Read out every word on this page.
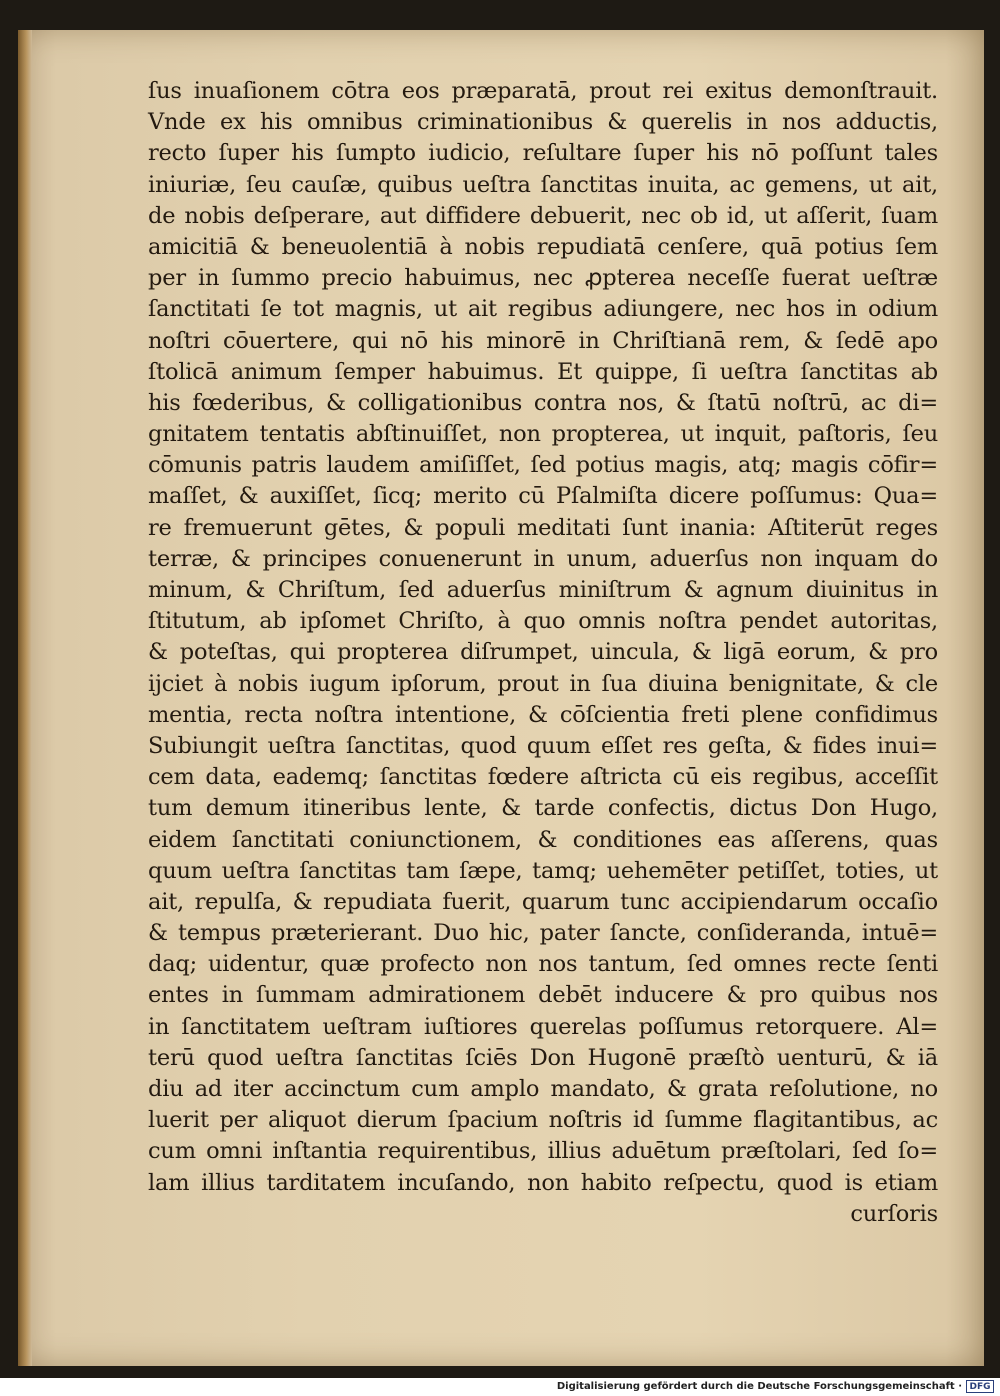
ſus inuaſionem cōtra eos præparatā, prout rei exitus demonſtrauit.
Vnde ex his omnibus criminationibus & querelis in nos adductis,
recto ſuper his ſumpto iudicio, reſultare ſuper his nō poſſunt tales
iniuriæ, ſeu cauſæ, quibus ueſtra ſanctitas inuita, ac gemens, ut ait,
de nobis deſperare, aut diffidere debuerit, nec ob id, ut aſſerit, ſuam
amicitiā & beneuolentiā à nobis repudiatā cenſere, quā potius ſem
per in ſummo precio habuimus, nec ꝓpterea neceſſe fuerat ueſtræ
ſanctitati ſe tot magnis, ut ait regibus adiungere, nec hos in odium
noſtri cōuertere, qui nō his minorē in Chriſtianā rem, & ſedē apo
ſtolicā animum ſemper habuimus. Et quippe, ſi ueſtra ſanctitas ab
his fœderibus, & colligationibus contra nos, & ſtatū noſtrū, ac di=
gnitatem tentatis abſtinuiſſet, non propterea, ut inquit, paſtoris, ſeu
cōmunis patris laudem amiſiſſet, ſed potius magis, atq; magis cōfir=
maſſet, & auxiſſet, ſicq; merito cū Pſalmiſta dicere poſſumus: Qua=
re fremuerunt gētes, & populi meditati ſunt inania: Aſtiterūt reges
terræ, & principes conuenerunt in unum, aduerſus non inquam do
minum, & Chriſtum, ſed aduerſus miniſtrum & agnum diuinitus in
ſtitutum, ab ipſomet Chriſto, à quo omnis noſtra pendet autoritas,
& poteſtas, qui propterea diſrumpet, uincula, & ligā eorum, & pro
ijciet à nobis iugum ipſorum, prout in ſua diuina benignitate, & cle
mentia, recta noſtra intentione, & cōſcientia freti plene confidimus
Subiungit ueſtra ſanctitas, quod quum eſſet res geſta, & fides inui=
cem data, eademq; ſanctitas fœdere aſtricta cū eis regibus, acceſſit
tum demum itineribus lente, & tarde confectis, dictus Don Hugo,
eidem ſanctitati coniunctionem, & conditiones eas aſſerens, quas
quum ueſtra ſanctitas tam ſæpe, tamq; uehemēter petiſſet, toties, ut
ait, repulſa, & repudiata fuerit, quarum tunc accipiendarum occaſio
& tempus præterierant. Duo hic, pater ſancte, conſideranda, intuē=
daq; uidentur, quæ profecto non nos tantum, ſed omnes recte ſenti
entes in ſummam admirationem debēt inducere & pro quibus nos
in ſanctitatem ueſtram iuſtiores querelas poſſumus retorquere. Al=
terū quod ueſtra ſanctitas ſciēs Don Hugonē præſtò uenturū, & iā
diu ad iter accinctum cum amplo mandato, & grata reſolutione, no
luerit per aliquot dierum ſpacium noſtris id ſumme flagitantibus, ac
cum omni inſtantia requirentibus, illius aduētum præſtolari, ſed ſo=
lam illius tarditatem incuſando, non habito reſpectu, quod is etiam
curſoris
Digitalisierung gefördert durch die Deutsche Forschungsgemeinschaft · DFG
